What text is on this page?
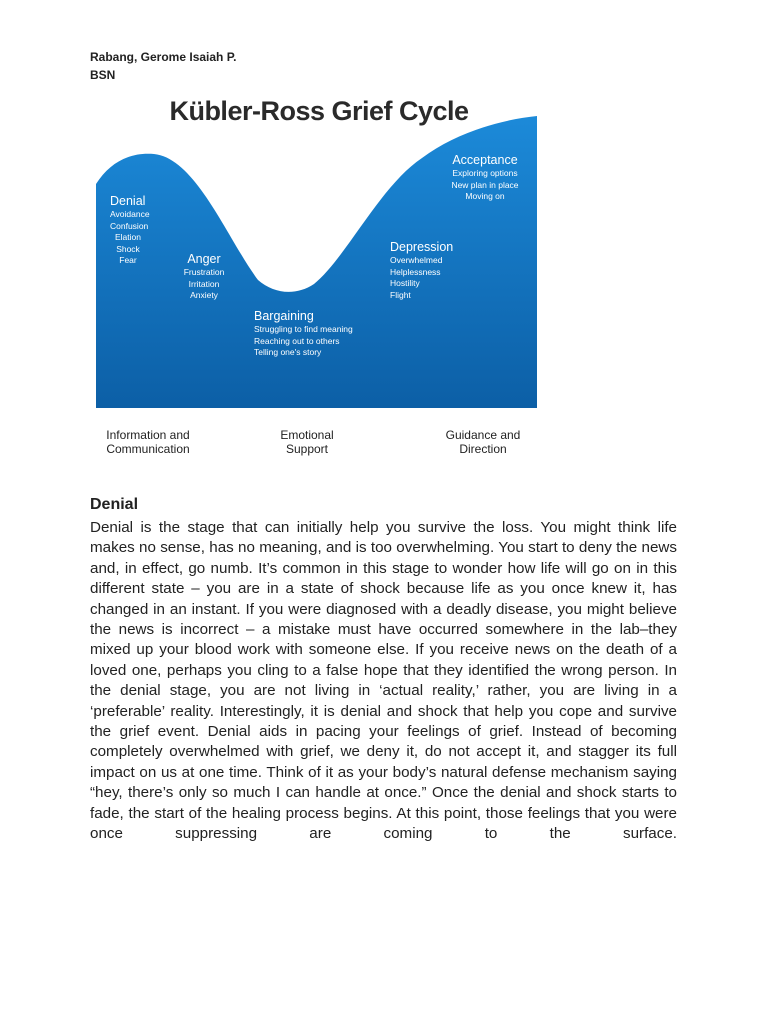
Rabang, Gerome Isaiah P.
BSN
Kübler-Ross Grief Cycle
Denial
Avoidance
Confusion
Elation
Shock
Fear	Anger
Frustration
Irritation
Anxiety
Bargaining
Struggling to find meaning
Reaching out to others
Telling one's story
Depression
Overwhelmed
Helplessness
Hostility
Flight
Acceptance
Exploring options
New plan in place
Moving on
Information and
Communication
Emotional
Support
Guidance and
Direction
Denial
Denial is the stage that can initially help you survive the loss. You might think life makes no sense, has no meaning, and is too overwhelming. You start to deny the news and, in effect, go numb. It’s common in this stage to wonder how life will go on in this different state – you are in a state of shock because life as you once knew it, has changed in an instant. If you were diagnosed with a deadly disease, you might believe the news is incorrect – a mistake must have occurred somewhere in the lab–they mixed up your blood work with someone else. If you receive news on the death of a loved one, perhaps you cling to a false hope that they identified the wrong person. In the denial stage, you are not living in ‘actual reality,’ rather, you are living in a ‘preferable’ reality. Interestingly, it is denial and shock that help you cope and survive the grief event. Denial aids in pacing your feelings of grief. Instead of becoming completely overwhelmed with grief, we deny it, do not accept it, and stagger its full impact on us at one time. Think of it as your body’s natural defense mechanism saying “hey, there’s only so much I can handle at once.” Once the denial and shock starts to fade, the start of the healing process begins. At this point, those feelings that you were once suppressing are coming to the surface.
